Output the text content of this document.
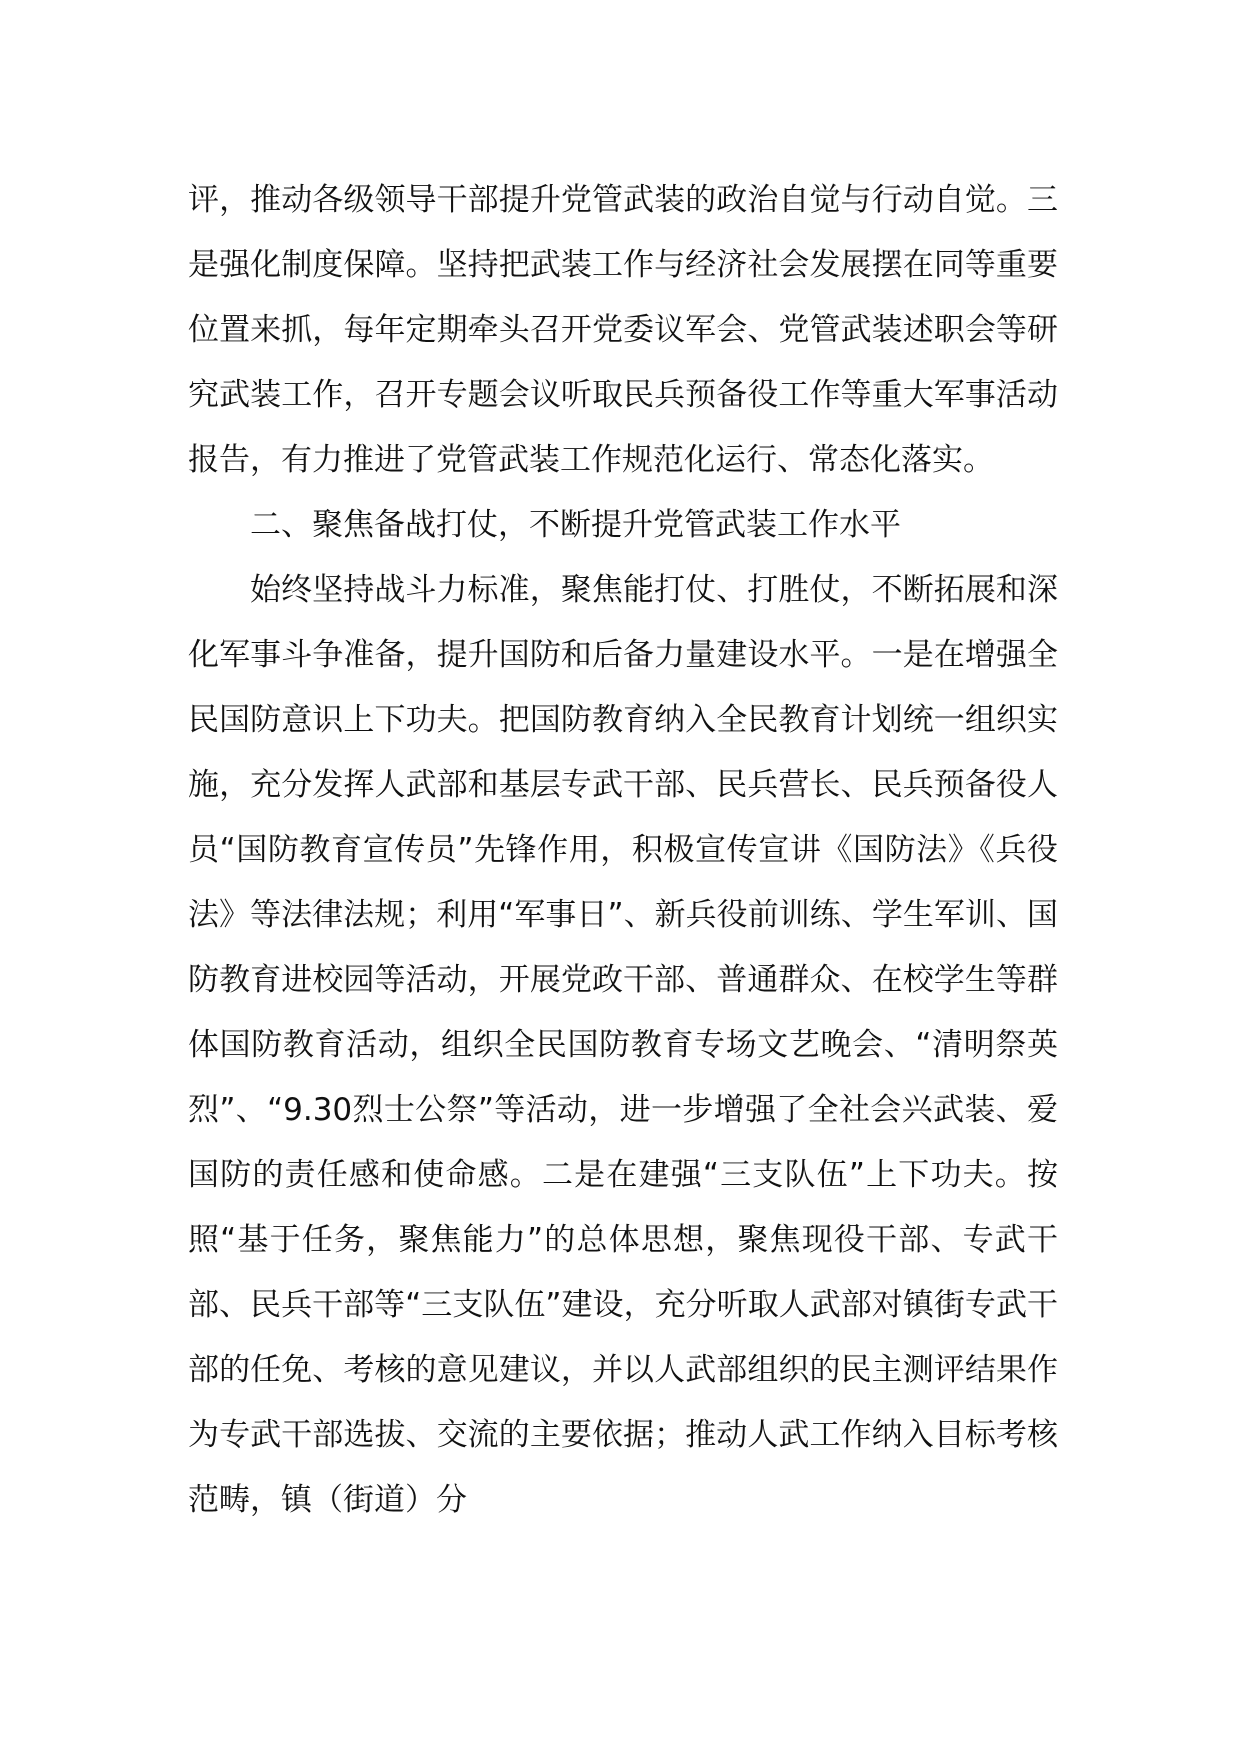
评，推动各级领导干部提升党管武装的政治自觉与行动自觉。三是强化制度保障。坚持把武装工作与经济社会发展摆在同等重要位置来抓，每年定期牵头召开党委议军会、党管武装述职会等研究武装工作，召开专题会议听取民兵预备役工作等重大军事活动报告，有力推进了党管武装工作规范化运行、常态化落实。

二、聚焦备战打仗，不断提升党管武装工作水平

始终坚持战斗力标准，聚焦能打仗、打胜仗，不断拓展和深化军事斗争准备，提升国防和后备力量建设水平。一是在增强全民国防意识上下功夫。把国防教育纳入全民教育计划统一组织实施，充分发挥人武部和基层专武干部、民兵营长、民兵预备役人员“国防教育宣传员”先锋作用，积极宣传宣讲《国防法》《兵役法》等法律法规；利用“军事日”、新兵役前训练、学生军训、国防教育进校园等活动，开展党政干部、普通群众、在校学生等群体国防教育活动，组织全民国防教育专场文艺晚会、“清明祭英烈”、“9.30烈士公祭”等活动，进一步增强了全社会兴武装、爱国防的责任感和使命感。二是在建强“三支队伍”上下功夫。按照“基于任务，聚焦能力”的总体思想，聚焦现役干部、专武干部、民兵干部等“三支队伍”建设，充分听取人武部对镇街专武干部的任免、考核的意见建议，并以人武部组织的民主测评结果作为专武干部选拔、交流的主要依据；推动人武工作纳入目标考核范畴，镇（街道）分
